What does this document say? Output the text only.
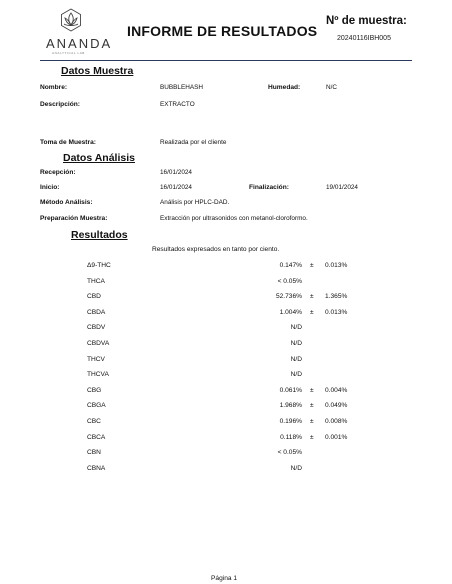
ANANDA
ANALYTICAL LAB
INFORME DE RESULTADOS
Nº de muestra:
20240116IBH005
Datos Muestra
Nombre:	BUBBLEHASH	Humedad:	N/C
Descripción:	EXTRACTO
Toma de Muestra:	Realizada por el cliente
Datos Análisis
Recepción:	16/01/2024
Inicio:	16/01/2024	Finalización:	19/01/2024
Método Análisis:	Análisis por HPLC-DAD.
Preparación Muestra:	Extracción por ultrasonidos con metanol-cloroformo.
Resultados
Resultados expresados en tanto por ciento.
Δ9-THC	0.147% ± 0.013%
THCA	< 0.05%
CBD	52.736% ± 1.365%
CBDA	1.004% ± 0.013%
CBDV	N/D
CBDVA	N/D
THCV	N/D
THCVA	N/D
CBG	0.061% ± 0.004%
CBGA	1.968% ± 0.049%
CBC	0.196% ± 0.008%
CBCA	0.118% ± 0.001%
CBN	< 0.05%
CBNA	N/D
Página 1
